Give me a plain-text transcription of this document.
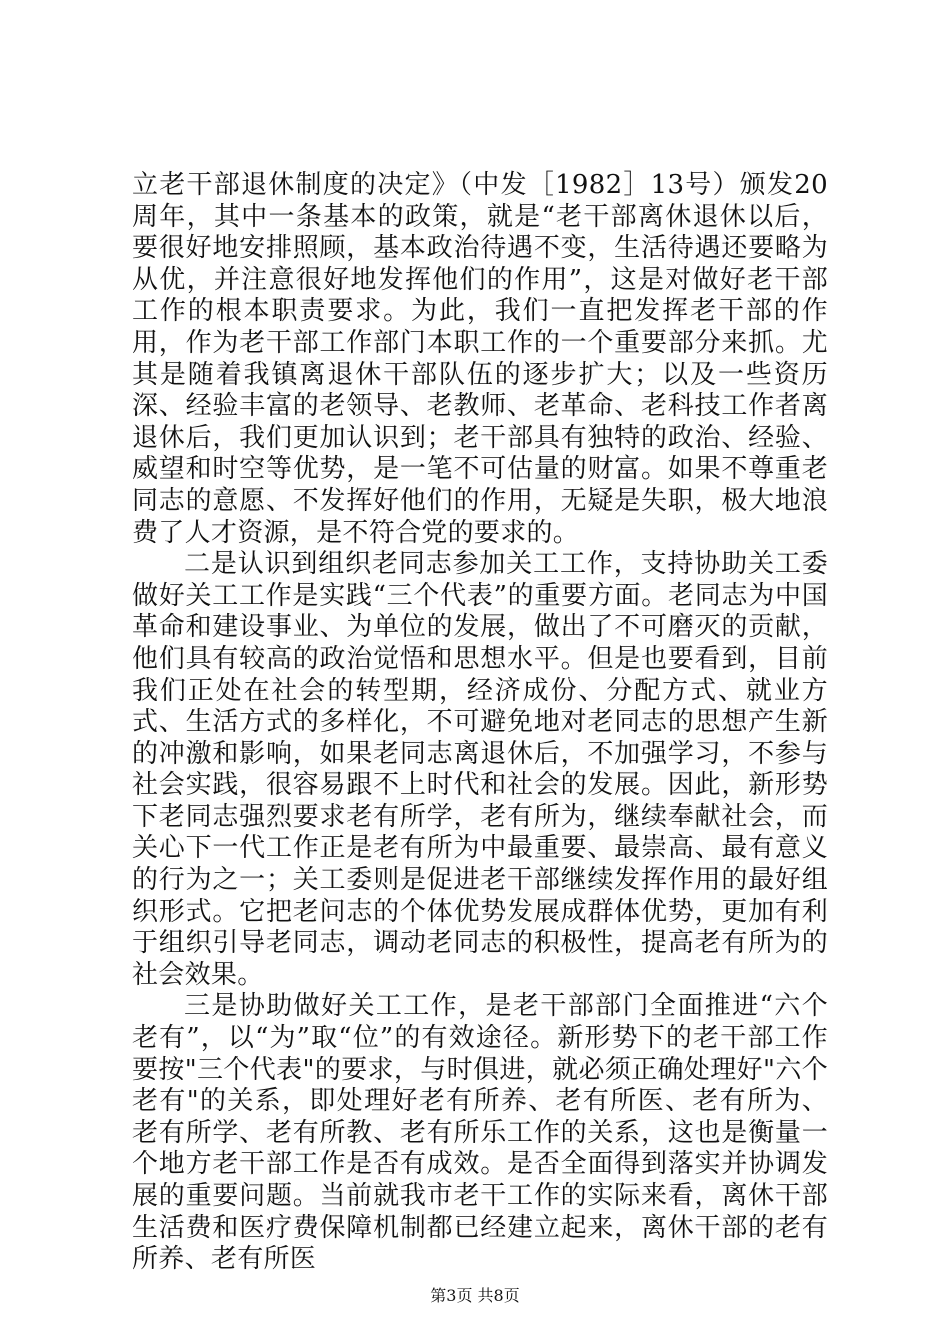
立老干部退休制度的决定》（中发［1982］13号）颁发20周年，其中一条基本的政策，就是“老干部离休退休以后，要很好地安排照顾，基本政治待遇不变，生活待遇还要略为从优，并注意很好地发挥他们的作用”，这是对做好老干部工作的根本职责要求。为此，我们一直把发挥老干部的作用，作为老干部工作部门本职工作的一个重要部分来抓。尤其是随着我镇离退休干部队伍的逐步扩大；以及一些资历深、经验丰富的老领导、老教师、老革命、老科技工作者离退休后，我们更加认识到；老干部具有独特的政治、经验、威望和时空等优势，是一笔不可估量的财富。如果不尊重老同志的意愿、不发挥好他们的作用，无疑是失职，极大地浪费了人才资源，是不符合党的要求的。

二是认识到组织老同志参加关工工作，支持协助关工委做好关工工作是实践“三个代表”的重要方面。老同志为中国革命和建设事业、为单位的发展，做出了不可磨灭的贡献，他们具有较高的政治觉悟和思想水平。但是也要看到，目前我们正处在社会的转型期，经济成份、分配方式、就业方式、生活方式的多样化，不可避免地对老同志的思想产生新的冲激和影响，如果老同志离退休后，不加强学习，不参与社会实践，很容易跟不上时代和社会的发展。因此，新形势下老同志强烈要求老有所学，老有所为，继续奉献社会，而关心下一代工作正是老有所为中最重要、最崇高、最有意义的行为之一；关工委则是促进老干部继续发挥作用的最好组织形式。它把老问志的个体优势发展成群体优势，更加有利于组织引导老同志，调动老同志的积极性，提高老有所为的社会效果。

三是协助做好关工工作，是老干部部门全面推进“六个老有”，以“为”取“位”的有效途径。新形势下的老干部工作要按"三个代表"的要求，与时俱进，就必须正确处理好"六个老有"的关系，即处理好老有所养、老有所医、老有所为、老有所学、老有所教、老有所乐工作的关系，这也是衡量一个地方老干部工作是否有成效。是否全面得到落实并协调发展的重要问题。当前就我市老干工作的实际来看，离休干部生活费和医疗费保障机制都已经建立起来，离休干部的老有所养、老有所医

第3页 共8页
